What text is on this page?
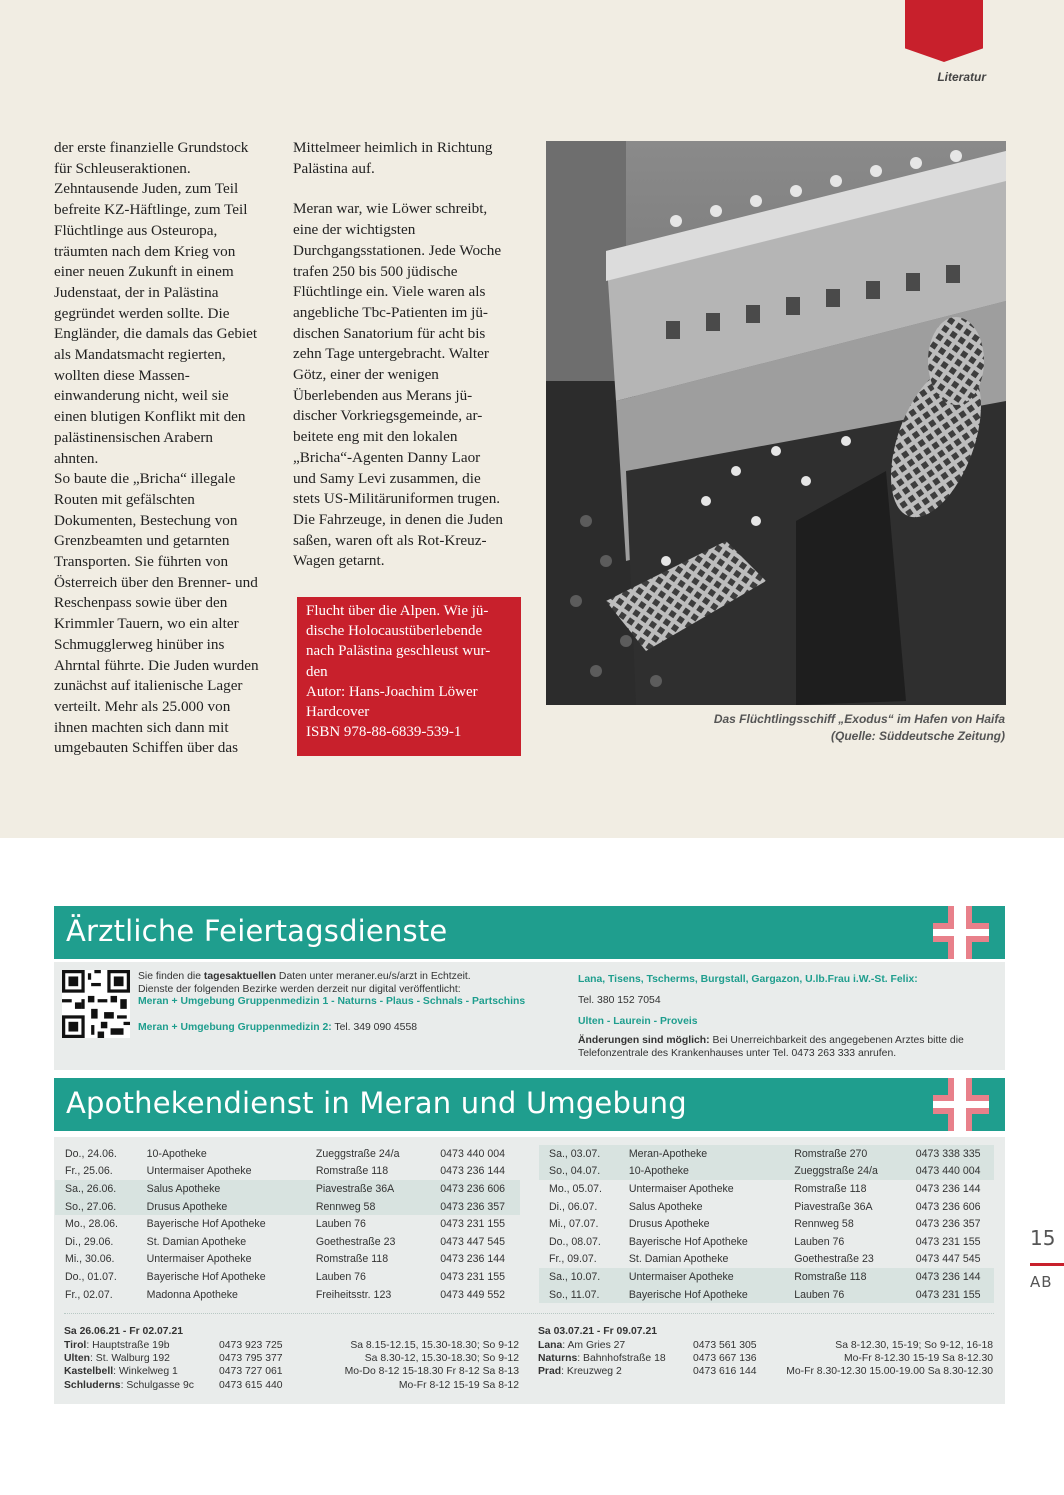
Literatur

der erste finanzielle Grundstock

für Schleuseraktionen.

Zehntausende Juden, zum Teil

befreite KZ-Häftlinge, zum Teil

Flüchtlinge aus Osteuropa,

träumten nach dem Krieg von

einer neuen Zukunft in einem

Judenstaat, der in Palästina

gegründet werden sollte. Die

Engländer, die damals das Gebiet

als Mandatsmacht regierten,

wollten diese Massen-

einwanderung nicht, weil sie

einen blutigen Konflikt mit den

palästinensischen Arabern

ahnten.

So baute die „Bricha“ illegale

Routen mit gefälschten

Dokumenten, Bestechung von

Grenzbeamten und getarnten

Transporten. Sie führten von

Österreich über den Brenner- und

Reschenpass sowie über den

Krimmler Tauern, wo ein alter

Schmugglerweg hinüber ins

Ahrntal führte. Die Juden wurden

zunächst auf italienische Lager

verteilt. Mehr als 25.000 von

ihnen machten sich dann mit

umgebauten Schiffen über das

Mittelmeer heimlich in Richtung

Palästina auf.

Meran war, wie Löwer schreibt,

eine der wichtigsten

Durchgangsstationen. Jede Woche

trafen 250 bis 500 jüdische

Flüchtlinge ein. Viele waren als

angebliche Tbc-Patienten im jü-

dischen Sanatorium für acht bis

zehn Tage untergebracht. Walter

Götz, einer der wenigen

Überlebenden aus Merans jü-

discher Vorkriegsgemeinde, ar-

beitete eng mit den lokalen

„Bricha“-Agenten Danny Laor

und Samy Levi zusammen, die

stets US-Militäruniformen trugen.

Die Fahrzeuge, in denen die Juden

saßen, waren oft als Rot-Kreuz-

Wagen getarnt.

Flucht über die Alpen. Wie jü-

dische Holocaustüberlebende

nach Palästina geschleust wur-

den

Autor: Hans-Joachim Löwer

Hardcover

ISBN 978-88-6839-539-1

Das Flüchtlingsschiff „Exodus“ im Hafen von Haifa
(Quelle: Süddeutsche Zeitung)
Ärztliche Feiertagsdienste
Sie finden die tagesaktuellen Daten unter meraner.eu/s/arzt in Echtzeit.
Dienste der folgenden Bezirke werden derzeit nur digital veröffentlicht:
Meran + Umgebung Gruppenmedizin 1 - Naturns - Plaus - Schnals - Partschins
Meran + Umgebung Gruppenmedizin 2: Tel. 349 090 4558
Lana, Tisens, Tscherms, Burgstall, Gargazon, U.lb.Frau i.W.-St. Felix:
Tel. 380 152 7054
Ulten - Laurein - Proveis
Änderungen sind möglich: Bei Unerreichbarkeit des angegebenen Arztes bitte die
Telefonzentrale des Krankenhauses unter Tel. 0473 263 333 anrufen.
Apothekendienst in Meran und Umgebung
Do., 24.06.	10-Apotheke	Zueggstraße 24/a	0473 440 004
Fr., 25.06.	Untermaiser Apotheke	Romstraße 118	0473 236 144
Sa., 26.06.	Salus Apotheke	Piavestraße 36A	0473 236 606
So., 27.06.	Drusus Apotheke	Rennweg 58	0473 236 357
Mo., 28.06.	Bayerische Hof Apotheke	Lauben 76	0473 231 155
Di., 29.06.	St. Damian Apotheke	Goethestraße 23	0473 447 545
Mi., 30.06.	Untermaiser Apotheke	Romstraße 118	0473 236 144
Do., 01.07.	Bayerische Hof Apotheke	Lauben 76	0473 231 155
Fr., 02.07.	Madonna Apotheke	Freiheitsstr. 123	0473 449 552
Sa., 03.07.	Meran-Apotheke	Romstraße 270	0473 338 335
So., 04.07.	10-Apotheke	Zueggstraße 24/a	0473 440 004
Mo., 05.07.	Untermaiser Apotheke	Romstraße 118	0473 236 144
Di., 06.07.	Salus Apotheke	Piavestraße 36A	0473 236 606
Mi., 07.07.	Drusus Apotheke	Rennweg 58	0473 236 357
Do., 08.07.	Bayerische Hof Apotheke	Lauben 76	0473 231 155
Fr., 09.07.	St. Damian Apotheke	Goethestraße 23	0473 447 545
Sa., 10.07.	Untermaiser Apotheke	Romstraße 118	0473 236 144
So., 11.07.	Bayerische Hof Apotheke	Lauben 76	0473 231 155
Sa 26.06.21 - Fr 02.07.21		
Tirol: Hauptstraße 19b	0473 923 725	Sa 8.15-12.15, 15.30-18.30; So 9-12
Ulten: St. Walburg 192	0473 795 377	Sa 8.30-12, 15.30-18.30; So 9-12
Kastelbell: Winkelweg 1	0473 727 061	Mo-Do 8-12 15-18.30 Fr 8-12 Sa 8-13
Schluderns: Schulgasse 9c	0473 615 440	Mo-Fr 8-12 15-19 Sa 8-12
Sa 03.07.21 - Fr 09.07.21		
Lana: Am Gries 27	0473 561 305	Sa 8-12.30, 15-19; So 9-12, 16-18
Naturns: Bahnhofstraße 18	0473 667 136	Mo-Fr 8-12.30 15-19 Sa 8-12.30
Prad: Kreuzweg 2	0473 616 144	Mo-Fr 8.30-12.30 15.00-19.00 Sa 8.30-12.30
15
AB
